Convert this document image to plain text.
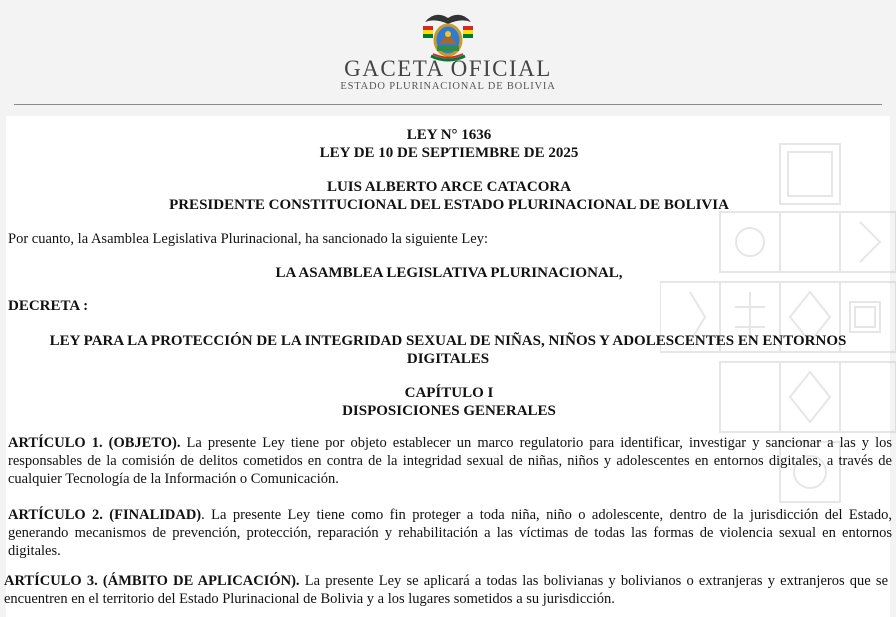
GACETA OFICIAL
ESTADO PLURINACIONAL DE BOLIVIA
LEY N° 1636
LEY DE 10 DE SEPTIEMBRE DE 2025
LUIS ALBERTO ARCE CATACORA
PRESIDENTE CONSTITUCIONAL DEL ESTADO PLURINACIONAL DE BOLIVIA
Por cuanto, la Asamblea Legislativa Plurinacional, ha sancionado la siguiente Ley:
LA ASAMBLEA LEGISLATIVA PLURINACIONAL,
DECRETA :
LEY PARA LA PROTECCIÓN DE LA INTEGRIDAD SEXUAL DE NIÑAS, NIÑOS Y ADOLESCENTES EN ENTORNOS DIGITALES
CAPÍTULO I
DISPOSICIONES GENERALES

ARTÍCULO 1. (OBJETO). La presente Ley tiene por objeto establecer un marco regulatorio para identificar, investigar y sancionar a las y los responsables de la comisión de delitos cometidos en contra de la integridad sexual de niñas, niños y adolescentes en entornos digitales, a través de cualquier Tecnología de la Información o Comunicación.

ARTÍCULO 2. (FINALIDAD). La presente Ley tiene como fin proteger a toda niña, niño o adolescente, dentro de la jurisdicción del Estado, generando mecanismos de prevención, protección, reparación y rehabilitación a las víctimas de todas las formas de violencia sexual en entornos digitales.

ARTÍCULO 3. (ÁMBITO DE APLICACIÓN). La presente Ley se aplicará a todas las bolivianas y bolivianos o extranjeras y extranjeros que se encuentren en el territorio del Estado Plurinacional de Bolivia y a los lugares sometidos a su jurisdicción.
